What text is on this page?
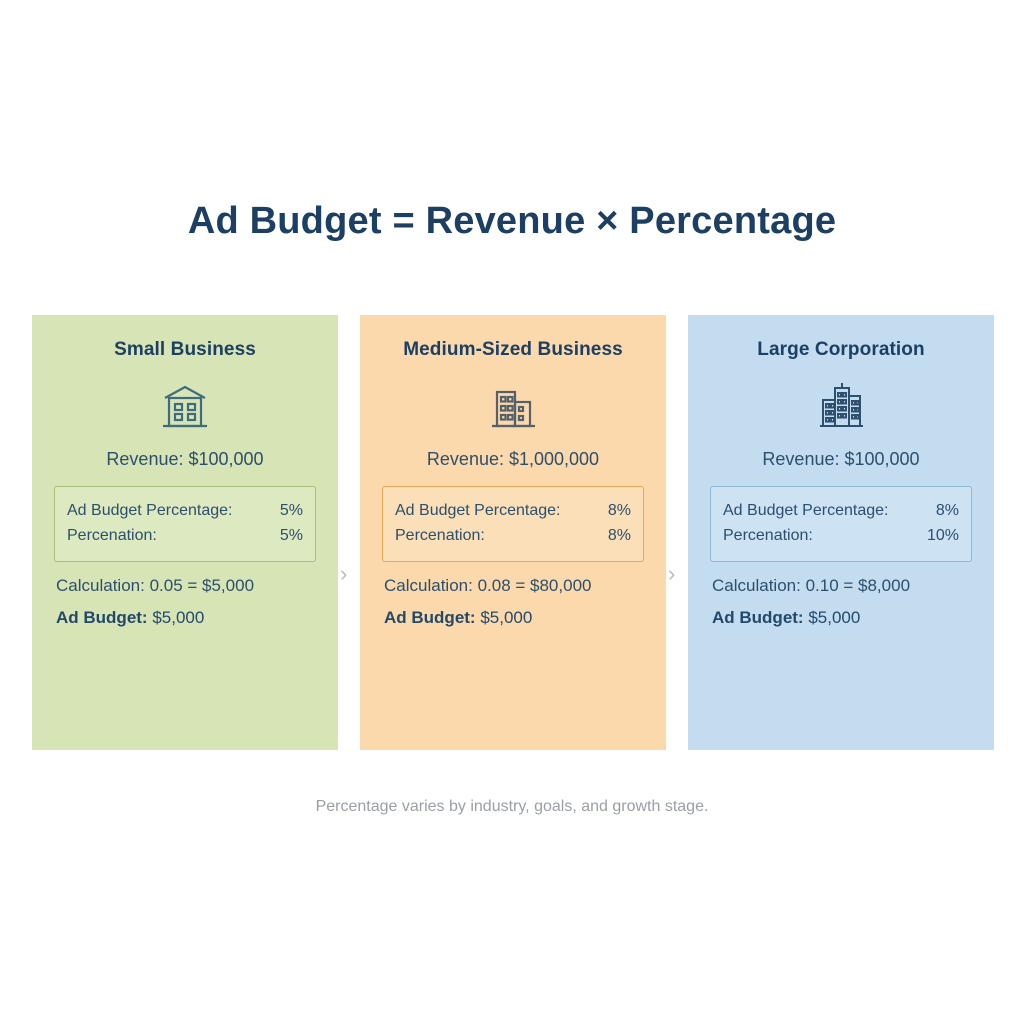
Ad Budget = Revenue × Percentage
Small Business
Revenue: $100,000
Ad Budget Percentage:	5%
Percenation:	5%
Calculation: 0.05 = $5,000
Ad Budget: $5,000
›
Medium-Sized Business
Revenue: $1,000,000
Ad Budget Percentage:	8%
Percenation:	8%
Calculation: 0.08 = $80,000
Ad Budget: $5,000
›
Large Corporation
Revenue: $100,000
Ad Budget Percentage:	8%
Percenation:	10%
Calculation: 0.10 = $8,000
Ad Budget: $5,000
Percentage varies by industry, goals, and growth stage.
